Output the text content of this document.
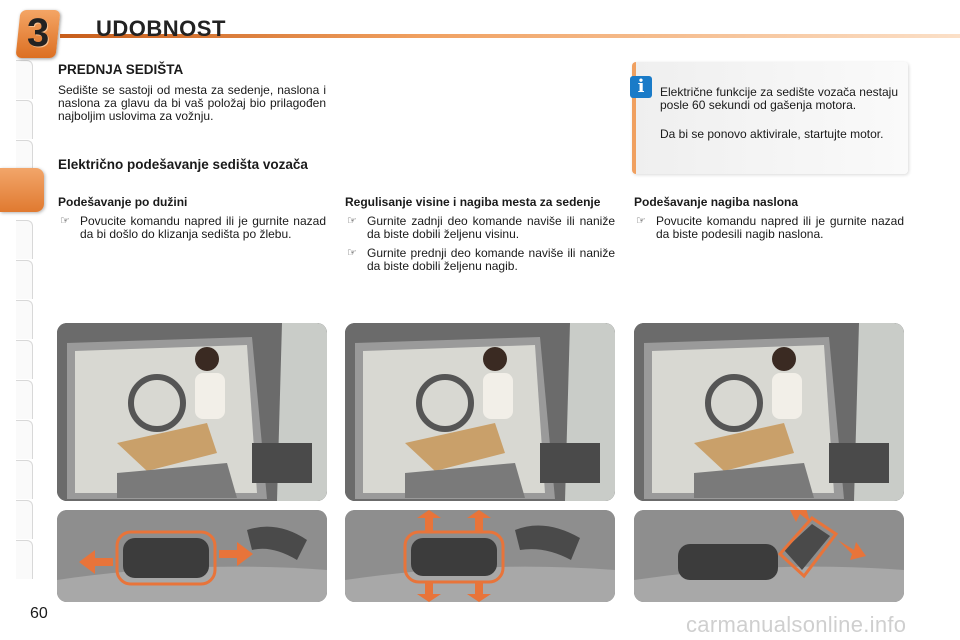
3 UDOBNOST
PREDNJA SEDIŠTA
Sedište se sastoji od mesta za sedenje, naslona i naslona za glavu da bi vaš položaj bio prilagođen najboljim uslovima za vožnju.
Električno podešavanje sedišta vozača
i	Električne funkcije za sedište vozača nestaju posle 60 sekundi od gašenja motora.
Da bi se ponovo aktivirale, startujte motor.
Podešavanje po dužini
☞ Povucite komandu napred ili je gurnite nazad da bi došlo do klizanja sedišta po žlebu.
Regulisanje visine i nagiba mesta za sedenje
☞ Gurnite zadnji deo komande naviše ili naniže da biste dobili željenu visinu.
☞ Gurnite prednji deo komande naviše ili naniže da biste dobili željenu nagib.
Podešavanje nagiba naslona
☞ Povucite komandu napred ili je gurnite nazad da biste podesili nagib naslona.
60	carmanualsonline.info
